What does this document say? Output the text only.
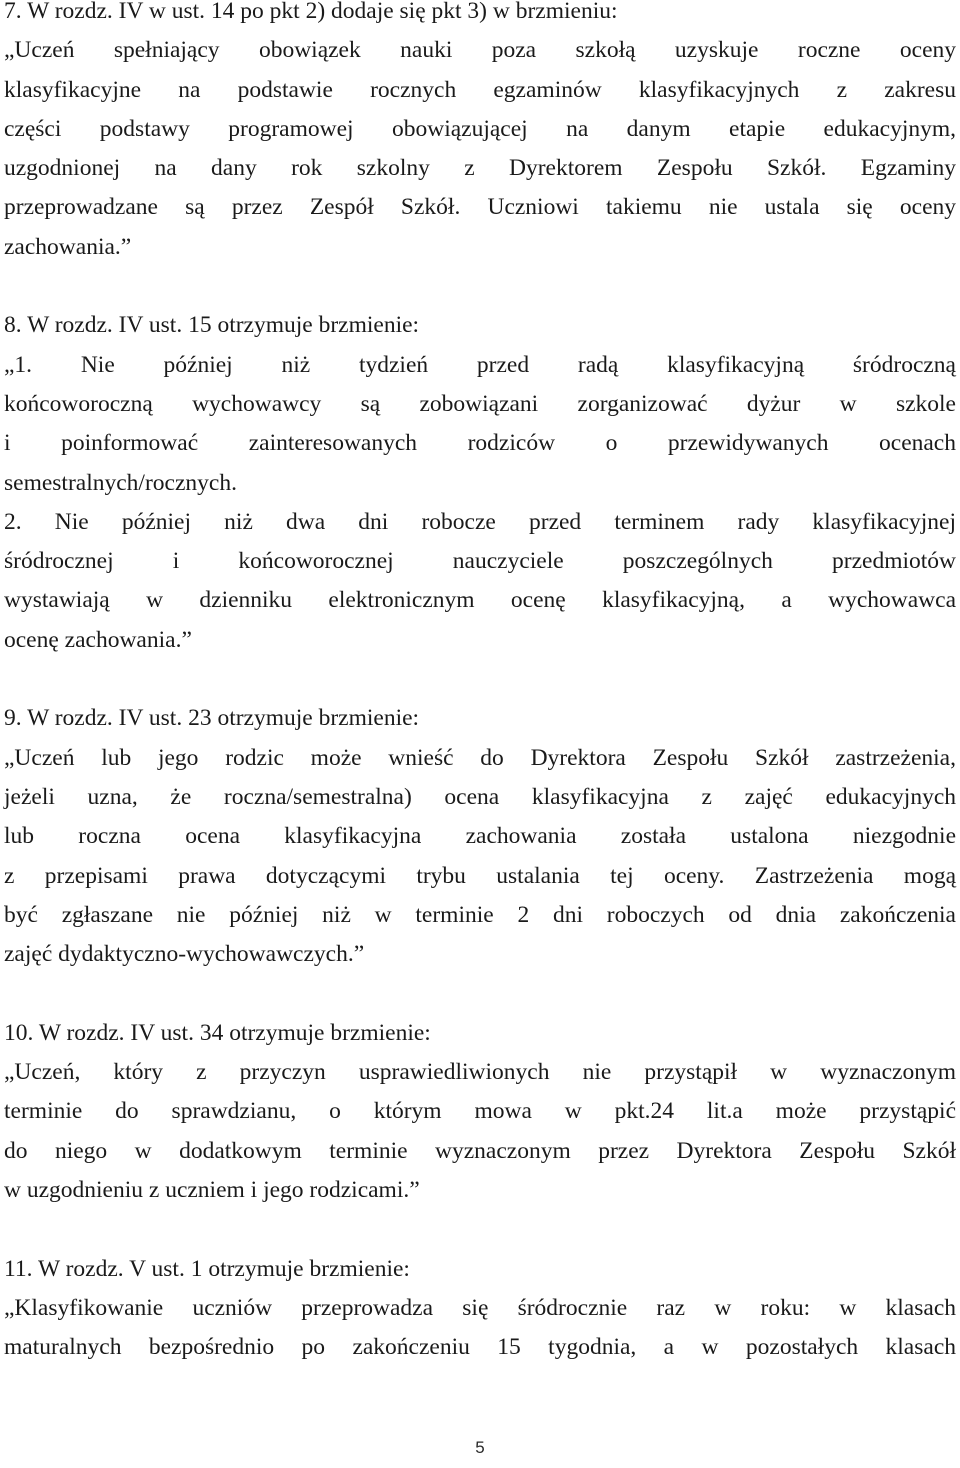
7. W rozdz. IV w ust. 14 po pkt 2) dodaje się pkt 3) w brzmieniu:
„Uczeń spełniający obowiązek nauki poza szkołą uzyskuje roczne oceny
klasyfikacyjne na podstawie rocznych egzaminów klasyfikacyjnych z zakresu
części podstawy programowej obowiązującej na danym etapie edukacyjnym,
uzgodnionej na dany rok szkolny z Dyrektorem Zespołu Szkół. Egzaminy
przeprowadzane są przez Zespół Szkół. Uczniowi takiemu nie ustala się oceny
zachowania.”
8. W rozdz. IV ust. 15 otrzymuje brzmienie:
„1. Nie później niż tydzień przed radą klasyfikacyjną śródroczną
końcoworoczną wychowawcy są zobowiązani zorganizować dyżur w szkole
i poinformować zainteresowanych rodziców o przewidywanych ocenach
semestralnych/rocznych.
2. Nie później niż dwa dni robocze przed terminem rady klasyfikacyjnej
śródrocznej i końcoworocznej nauczyciele poszczególnych przedmiotów
wystawiają w dzienniku elektronicznym ocenę klasyfikacyjną, a wychowawca
ocenę zachowania.”
9. W rozdz. IV ust. 23 otrzymuje brzmienie:
„Uczeń lub jego rodzic może wnieść do Dyrektora Zespołu Szkół zastrzeżenia,
jeżeli uzna, że roczna/semestralna) ocena klasyfikacyjna z zajęć edukacyjnych
lub roczna ocena klasyfikacyjna zachowania została ustalona niezgodnie
z przepisami prawa dotyczącymi trybu ustalania tej oceny. Zastrzeżenia mogą
być zgłaszane nie później niż w terminie 2 dni roboczych od dnia zakończenia
zajęć dydaktyczno-wychowawczych.”
10. W rozdz. IV ust. 34 otrzymuje brzmienie:
„Uczeń, który z przyczyn usprawiedliwionych nie przystąpił w wyznaczonym
terminie do sprawdzianu, o którym mowa w pkt.24 lit.a może przystąpić
do niego w dodatkowym terminie wyznaczonym przez Dyrektora Zespołu Szkół
w uzgodnieniu z uczniem i jego rodzicami.”
11. W rozdz. V ust. 1 otrzymuje brzmienie:
„Klasyfikowanie uczniów przeprowadza się śródrocznie raz w roku: w klasach
maturalnych bezpośrednio po zakończeniu 15 tygodnia, a w pozostałych klasach
5
